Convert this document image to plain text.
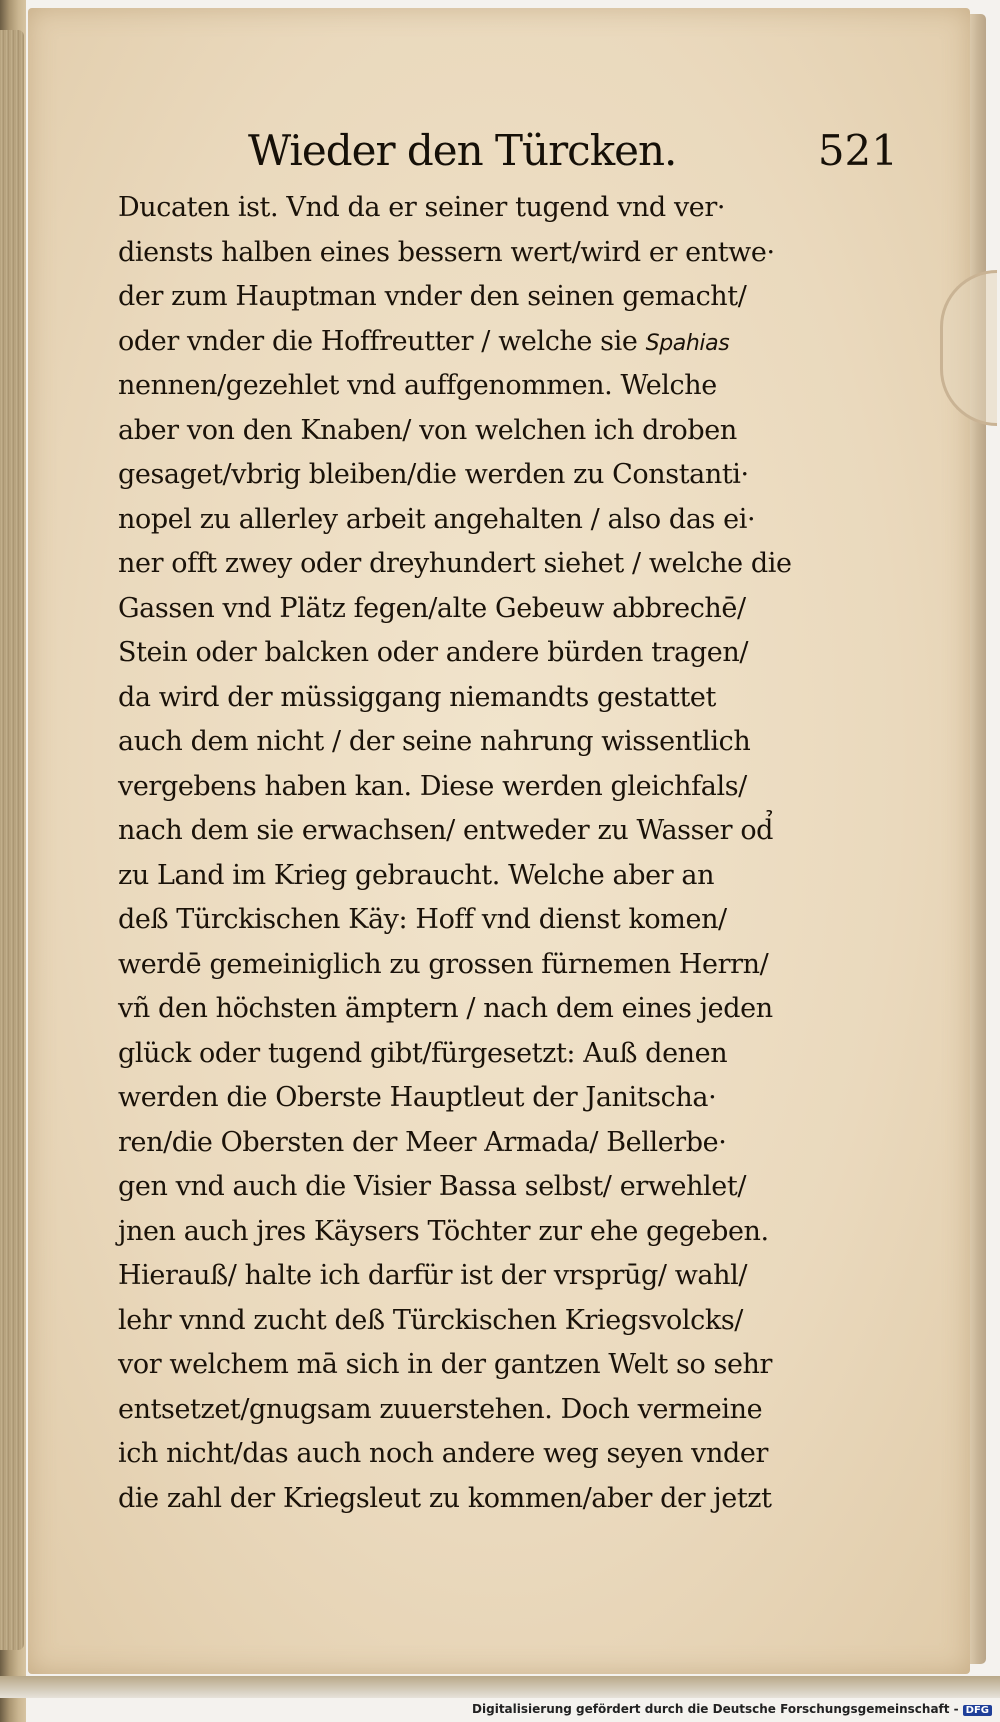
Wieder den Türcken.	521
Ducaten ist. Vnd da er seiner tugend vnd ver·
diensts halben eines bessern wert/wird er entwe·
der zum Hauptman vnder den seinen gemacht/
oder vnder die Hoffreutter / welche sie Spahias
nennen/gezehlet vnd auffgenommen. Welche
aber von den Knaben/ von welchen ich droben
gesaget/vbrig bleiben/die werden zu Constanti·
nopel zu allerley arbeit angehalten / also das ei·
ner offt zwey oder dreyhundert siehet / welche die
Gassen vnd Plätz fegen/alte Gebeuw abbrechē/
Stein oder balcken oder andere bürden tragen/
da wird der müssiggang niemandts gestattet
auch dem nicht / der seine nahrung wissentlich
vergebens haben kan. Diese werden gleichfals/
nach dem sie erwachsen/ entweder zu Wasser od̉
zu Land im Krieg gebraucht. Welche aber an
deß Türckischen Käy: Hoff vnd dienst komen/
werdē gemeiniglich zu grossen fürnemen Herrn/
vñ den höchsten ämptern / nach dem eines jeden
glück oder tugend gibt/fürgesetzt: Auß denen
werden die Oberste Hauptleut der Janitscha·
ren/die Obersten der Meer Armada/ Bellerbe·
gen vnd auch die Visier Bassa selbst/ erwehlet/
jnen auch jres Käysers Töchter zur ehe gegeben.
Hierauß/ halte ich darfür ist der vrsprūg/ wahl/
lehr vnnd zucht deß Türckischen Kriegsvolcks/
vor welchem mā sich in der gantzen Welt so sehr
entsetzet/gnugsam zuuerstehen. Doch vermeine
ich nicht/das auch noch andere weg seyen vnder
die zahl der Kriegsleut zu kommen/aber der jetzt
Digitalisierung gefördert durch die Deutsche Forschungsgemeinschaft - DFG
